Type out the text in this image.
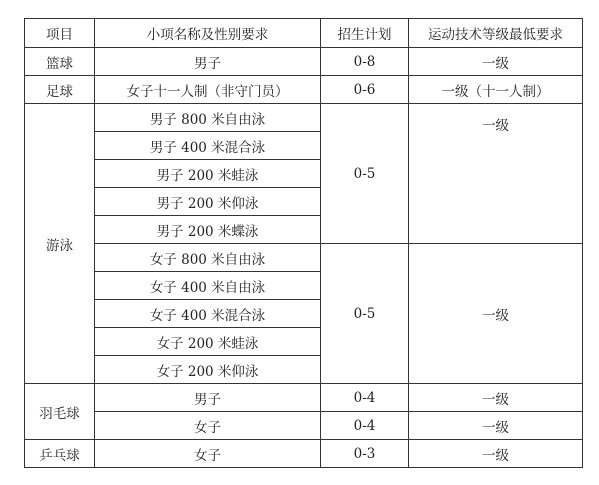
项目	小项名称及性别要求	招生计划	运动技术等级最低要求
篮球	男子	0-8	一级
足球	女子十一人制（非守门员）	0-6	一级（十一人制）
游泳	男子 800 米自由泳	0-5	一级
	男子 400 米混合泳		
	男子 200 米蛙泳		
	男子 200 米仰泳		
	男子 200 米蝶泳		
	女子 800 米自由泳	0-5	一级
	女子 400 米自由泳		
	女子 400 米混合泳		
	女子 200 米蛙泳		
	女子 200 米仰泳		
羽毛球	男子	0-4	一级
	女子	0-4	一级
乒乓球	女子	0-3	一级
